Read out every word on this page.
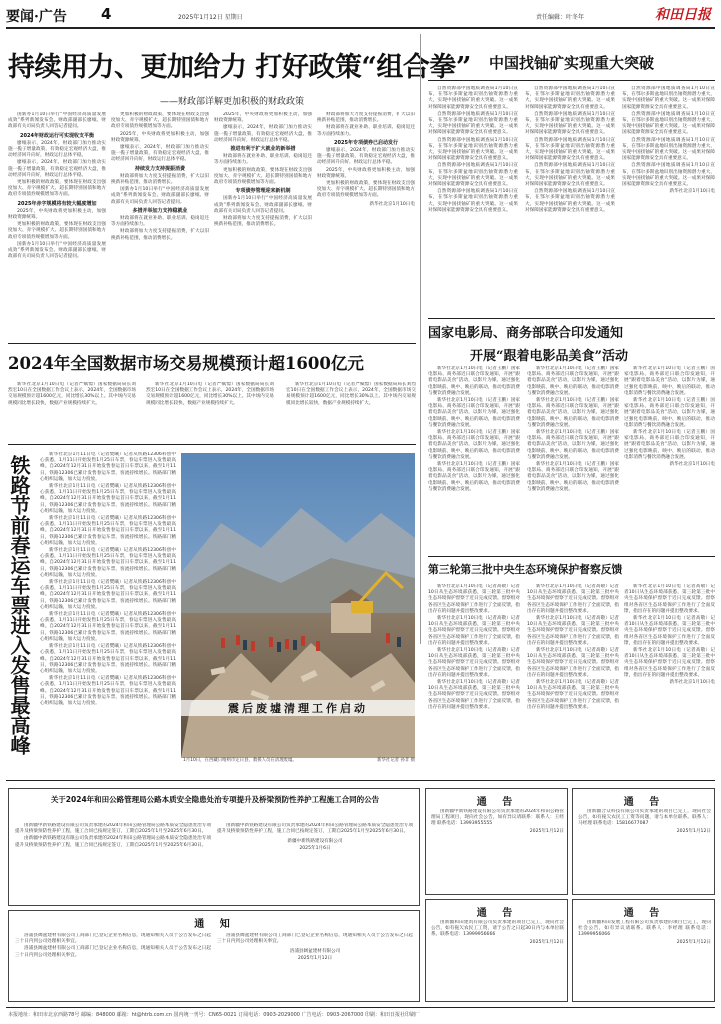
要闻·广告 4	2025年1月12日 星期日	责任编辑：叶冬年	和田日报
持续用力、更加给力 打好政策“组合拳”
——财政部详解更加积极的财政政策

国新办1月10日举行“中国经济高质量发展成效”系列新闻发布会。财政部副部长廖岷、财政部有关司局负责人回答记者提问。

2024年财政运行可实现收支平衡

廖岷表示，2024年，财政部门加力推动实施一揽子增量政策，有效稳定宏观经济大盘，推动经济回升向好，财政运行总体平稳。

廖岷表示，2024年，财政部门加力推动实施一揽子增量政策，有效稳定宏观经济大盘，推动经济回升向好，财政运行总体平稳。

更加积极的财政政策，要体现在财政支出强度加大、赤字规模扩大、超长期特别国债和地方政府专项债券规模增加等方面。

2025年赤字规模将有较大幅度增加

2025年，中央财政将更加积极主动，加强财政资源统筹。

更加积极的财政政策，要体现在财政支出强度加大、赤字规模扩大、超长期特别国债和地方政府专项债券规模增加等方面。

国新办1月10日举行“中国经济高质量发展成效”系列新闻发布会。财政部副部长廖岷、财政部有关司局负责人回答记者提问。

更加积极的财政政策，要体现在财政支出强度加大、赤字规模扩大、超长期特别国债和地方政府专项债券规模增加等方面。

2025年，中央财政将更加积极主动，加强财政资源统筹。

廖岷表示，2024年，财政部门加力推动实施一揽子增量政策，有效稳定宏观经济大盘，推动经济回升向好，财政运行总体平稳。

持续发力支持提振消费

财政部将加大力度支持提振消费，扩大以旧换新补贴范围，推动消费增长。

国新办1月10日举行“中国经济高质量发展成效”系列新闻发布会。财政部副部长廖岷、财政部有关司局负责人回答记者提问。

多措并举加力支持稳就业

财政部将在就业补助、职业培训、稳岗返还等方面持续加力。

财政部将加大力度支持提振消费，扩大以旧换新补贴范围，推动消费增长。

2025年，中央财政将更加积极主动，加强财政资源统筹。

廖岷表示，2024年，财政部门加力推动实施一揽子增量政策，有效稳定宏观经济大盘，推动经济回升向好，财政运行总体平稳。

推进有利于扩大就业的新举措

财政部将在就业补助、职业培训、稳岗返还等方面持续加力。

更加积极的财政政策，要体现在财政支出强度加大、赤字规模扩大、超长期特别国债和地方政府专项债券规模增加等方面。

专项债券管理迎来新机制

国新办1月10日举行“中国经济高质量发展成效”系列新闻发布会。财政部副部长廖岷、财政部有关司局负责人回答记者提问。

财政部将加大力度支持提振消费，扩大以旧换新补贴范围，推动消费增长。

财政部将加大力度支持提振消费，扩大以旧换新补贴范围，推动消费增长。

财政部将在就业补助、职业培训、稳岗返还等方面持续加力。

2025年专项债券已启动发行

廖岷表示，2024年，财政部门加力推动实施一揽子增量政策，有效稳定宏观经济大盘，推动经济回升向好，财政运行总体平稳。

2025年，中央财政将更加积极主动，加强财政资源统筹。

更加积极的财政政策，要体现在财政支出强度加大、赤字规模扩大、超长期特别国债和地方政府专项债券规模增加等方面。

新华社北京1月10日电
2024年全国数据市场交易规模预计超1600亿元

新华社北京1月10日电（记者严赋憬）国家数据局局长刘烈宏10日在全国数据工作会议上表示，2024年，全国数据市场交易规模预计超1600亿元，同比增长30%以上。其中场内交易规模同比增长较快，数据产业规模持续扩大。

新华社北京1月10日电（记者严赋憬）国家数据局局长刘烈宏10日在全国数据工作会议上表示，2024年，全国数据市场交易规模预计超1600亿元，同比增长30%以上。其中场内交易规模同比增长较快，数据产业规模持续扩大。

新华社北京1月10日电（记者严赋憬）国家数据局局长刘烈宏10日在全国数据工作会议上表示，2024年，全国数据市场交易规模预计超1600亿元，同比增长30%以上。其中场内交易规模同比增长较快，数据产业规模持续扩大。

铁路节前春运车票进入发售最高峰

新华社北京1月11日电（记者樊曦）记者从铁路12306科创中心获悉，1月11日开始发售1月25日车票，春运车票进入发售最高峰。自2024年12月31日开始发售春运首日车票以来，截至1月11日，铁路12306已累计发售春运车票，客流持续增长。铁路部门精心组织运输，加大运力投放。

新华社北京1月11日电（记者樊曦）记者从铁路12306科创中心获悉，1月11日开始发售1月25日车票，春运车票进入发售最高峰。自2024年12月31日开始发售春运首日车票以来，截至1月11日，铁路12306已累计发售春运车票，客流持续增长。铁路部门精心组织运输，加大运力投放。

新华社北京1月11日电（记者樊曦）记者从铁路12306科创中心获悉，1月11日开始发售1月25日车票，春运车票进入发售最高峰。自2024年12月31日开始发售春运首日车票以来，截至1月11日，铁路12306已累计发售春运车票，客流持续增长。铁路部门精心组织运输，加大运力投放。

新华社北京1月11日电（记者樊曦）记者从铁路12306科创中心获悉，1月11日开始发售1月25日车票，春运车票进入发售最高峰。自2024年12月31日开始发售春运首日车票以来，截至1月11日，铁路12306已累计发售春运车票，客流持续增长。铁路部门精心组织运输，加大运力投放。

新华社北京1月11日电（记者樊曦）记者从铁路12306科创中心获悉，1月11日开始发售1月25日车票，春运车票进入发售最高峰。自2024年12月31日开始发售春运首日车票以来，截至1月11日，铁路12306已累计发售春运车票，客流持续增长。铁路部门精心组织运输，加大运力投放。

新华社北京1月11日电（记者樊曦）记者从铁路12306科创中心获悉，1月11日开始发售1月25日车票，春运车票进入发售最高峰。自2024年12月31日开始发售春运首日车票以来，截至1月11日，铁路12306已累计发售春运车票，客流持续增长。铁路部门精心组织运输，加大运力投放。

新华社北京1月11日电（记者樊曦）记者从铁路12306科创中心获悉，1月11日开始发售1月25日车票，春运车票进入发售最高峰。自2024年12月31日开始发售春运首日车票以来，截至1月11日，铁路12306已累计发售春运车票，客流持续增长。铁路部门精心组织运输，加大运力投放。

新华社北京1月11日电（记者樊曦）记者从铁路12306科创中心获悉，1月11日开始发售1月25日车票，春运车票进入发售最高峰。自2024年12月31日开始发售春运首日车票以来，截至1月11日，铁路12306已累计发售春运车票，客流持续增长。铁路部门精心组织运输，加大运力投放。	震后废墟清理工作启动
1月10日，在西藏日喀则市定日县，救援人员在清理废墟。	新华社记者 孙非 摄
中国找铀矿实现重大突破

自然资源部中国地质调查局1月10日宣布，在鄂尔多斯盆地识别出铀资源潜力重大，实现中国找铀矿的重大突破。这一成果对保障国家能源资源安全具有重要意义。

自然资源部中国地质调查局1月10日宣布，在鄂尔多斯盆地识别出铀资源潜力重大，实现中国找铀矿的重大突破。这一成果对保障国家能源资源安全具有重要意义。

自然资源部中国地质调查局1月10日宣布，在鄂尔多斯盆地识别出铀资源潜力重大，实现中国找铀矿的重大突破。这一成果对保障国家能源资源安全具有重要意义。

自然资源部中国地质调查局1月10日宣布，在鄂尔多斯盆地识别出铀资源潜力重大，实现中国找铀矿的重大突破。这一成果对保障国家能源资源安全具有重要意义。

自然资源部中国地质调查局1月10日宣布，在鄂尔多斯盆地识别出铀资源潜力重大，实现中国找铀矿的重大突破。这一成果对保障国家能源资源安全具有重要意义。

自然资源部中国地质调查局1月10日宣布，在鄂尔多斯盆地识别出铀资源潜力重大，实现中国找铀矿的重大突破。这一成果对保障国家能源资源安全具有重要意义。

自然资源部中国地质调查局1月10日宣布，在鄂尔多斯盆地识别出铀资源潜力重大，实现中国找铀矿的重大突破。这一成果对保障国家能源资源安全具有重要意义。

自然资源部中国地质调查局1月10日宣布，在鄂尔多斯盆地识别出铀资源潜力重大，实现中国找铀矿的重大突破。这一成果对保障国家能源资源安全具有重要意义。

自然资源部中国地质调查局1月10日宣布，在鄂尔多斯盆地识别出铀资源潜力重大，实现中国找铀矿的重大突破。这一成果对保障国家能源资源安全具有重要意义。

自然资源部中国地质调查局1月10日宣布，在鄂尔多斯盆地识别出铀资源潜力重大，实现中国找铀矿的重大突破。这一成果对保障国家能源资源安全具有重要意义。

自然资源部中国地质调查局1月10日宣布，在鄂尔多斯盆地识别出铀资源潜力重大，实现中国找铀矿的重大突破。这一成果对保障国家能源资源安全具有重要意义。

自然资源部中国地质调查局1月10日宣布，在鄂尔多斯盆地识别出铀资源潜力重大，实现中国找铀矿的重大突破。这一成果对保障国家能源资源安全具有重要意义。

自然资源部中国地质调查局1月10日宣布，在鄂尔多斯盆地识别出铀资源潜力重大，实现中国找铀矿的重大突破。这一成果对保障国家能源资源安全具有重要意义。

自然资源部中国地质调查局1月10日宣布，在鄂尔多斯盆地识别出铀资源潜力重大，实现中国找铀矿的重大突破。这一成果对保障国家能源资源安全具有重要意义。

新华社北京1月10日电
国家电影局、商务部联合印发通知
开展“跟着电影品美食”活动

新华社北京1月10日电（记者王鹏）国家电影局、商务部近日联合印发通知，开展“跟着电影品美食”活动，以影片为媒，通过强化电影映前、映中、映后的联动，推动电影消费与餐饮消费融合发展。

新华社北京1月10日电（记者王鹏）国家电影局、商务部近日联合印发通知，开展“跟着电影品美食”活动，以影片为媒，通过强化电影映前、映中、映后的联动，推动电影消费与餐饮消费融合发展。

新华社北京1月10日电（记者王鹏）国家电影局、商务部近日联合印发通知，开展“跟着电影品美食”活动，以影片为媒，通过强化电影映前、映中、映后的联动，推动电影消费与餐饮消费融合发展。

新华社北京1月10日电（记者王鹏）国家电影局、商务部近日联合印发通知，开展“跟着电影品美食”活动，以影片为媒，通过强化电影映前、映中、映后的联动，推动电影消费与餐饮消费融合发展。

新华社北京1月10日电（记者王鹏）国家电影局、商务部近日联合印发通知，开展“跟着电影品美食”活动，以影片为媒，通过强化电影映前、映中、映后的联动，推动电影消费与餐饮消费融合发展。

新华社北京1月10日电（记者王鹏）国家电影局、商务部近日联合印发通知，开展“跟着电影品美食”活动，以影片为媒，通过强化电影映前、映中、映后的联动，推动电影消费与餐饮消费融合发展。

新华社北京1月10日电（记者王鹏）国家电影局、商务部近日联合印发通知，开展“跟着电影品美食”活动，以影片为媒，通过强化电影映前、映中、映后的联动，推动电影消费与餐饮消费融合发展。

新华社北京1月10日电（记者王鹏）国家电影局、商务部近日联合印发通知，开展“跟着电影品美食”活动，以影片为媒，通过强化电影映前、映中、映后的联动，推动电影消费与餐饮消费融合发展。

新华社北京1月10日电（记者王鹏）国家电影局、商务部近日联合印发通知，开展“跟着电影品美食”活动，以影片为媒，通过强化电影映前、映中、映后的联动，推动电影消费与餐饮消费融合发展。

新华社北京1月10日电（记者王鹏）国家电影局、商务部近日联合印发通知，开展“跟着电影品美食”活动，以影片为媒，通过强化电影映前、映中、映后的联动，推动电影消费与餐饮消费融合发展。

新华社北京1月10日电（记者王鹏）国家电影局、商务部近日联合印发通知，开展“跟着电影品美食”活动，以影片为媒，通过强化电影映前、映中、映后的联动，推动电影消费与餐饮消费融合发展。

新华社北京1月10日电
第三轮第三批中央生态环境保护督察反馈

新华社北京1月10日电（记者高敬）记者10日从生态环境部获悉，第三轮第三批中央生态环境保护督察于近日完成反馈。督察组对各省区生态环境保护工作进行了全面反馈，指出存在的问题并提出整改要求。

新华社北京1月10日电（记者高敬）记者10日从生态环境部获悉，第三轮第三批中央生态环境保护督察于近日完成反馈。督察组对各省区生态环境保护工作进行了全面反馈，指出存在的问题并提出整改要求。

新华社北京1月10日电（记者高敬）记者10日从生态环境部获悉，第三轮第三批中央生态环境保护督察于近日完成反馈。督察组对各省区生态环境保护工作进行了全面反馈，指出存在的问题并提出整改要求。

新华社北京1月10日电（记者高敬）记者10日从生态环境部获悉，第三轮第三批中央生态环境保护督察于近日完成反馈。督察组对各省区生态环境保护工作进行了全面反馈，指出存在的问题并提出整改要求。

新华社北京1月10日电（记者高敬）记者10日从生态环境部获悉，第三轮第三批中央生态环境保护督察于近日完成反馈。督察组对各省区生态环境保护工作进行了全面反馈，指出存在的问题并提出整改要求。

新华社北京1月10日电（记者高敬）记者10日从生态环境部获悉，第三轮第三批中央生态环境保护督察于近日完成反馈。督察组对各省区生态环境保护工作进行了全面反馈，指出存在的问题并提出整改要求。

新华社北京1月10日电（记者高敬）记者10日从生态环境部获悉，第三轮第三批中央生态环境保护督察于近日完成反馈。督察组对各省区生态环境保护工作进行了全面反馈，指出存在的问题并提出整改要求。

新华社北京1月10日电（记者高敬）记者10日从生态环境部获悉，第三轮第三批中央生态环境保护督察于近日完成反馈。督察组对各省区生态环境保护工作进行了全面反馈，指出存在的问题并提出整改要求。

新华社北京1月10日电（记者高敬）记者10日从生态环境部获悉，第三轮第三批中央生态环境保护督察于近日完成反馈。督察组对各省区生态环境保护工作进行了全面反馈，指出存在的问题并提出整改要求。

新华社北京1月10日电（记者高敬）记者10日从生态环境部获悉，第三轮第三批中央生态环境保护督察于近日完成反馈。督察组对各省区生态环境保护工作进行了全面反馈，指出存在的问题并提出整改要求。

新华社北京1月10日电（记者高敬）记者10日从生态环境部获悉，第三轮第三批中央生态环境保护督察于近日完成反馈。督察组对各省区生态环境保护工作进行了全面反馈，指出存在的问题并提出整改要求。

新华社北京1月10日电
关于2024年和田公路管理局公路本质安全隐患处治专项提升及桥梁预防性养护工程施工合同的公告

由新疆中新铁路建设有限公司负责承建的2024年和田公路管理局公路本质安全隐患处治专项提升及桥梁预防性养护工程，施工合同已按规定签订，工期自2025年1月至2025年6月30日。

由新疆中新铁路建设有限公司负责承建的2024年和田公路管理局公路本质安全隐患处治专项提升及桥梁预防性养护工程，施工合同已按规定签订，工期自2025年1月至2025年6月30日。

由新疆中新铁路建设有限公司负责承建的2024年和田公路管理局公路本质安全隐患处治专项提升及桥梁预防性养护工程，施工合同已按规定签订，工期自2025年1月至2025年6月30日。

新疆中新铁路建设有限公司
2025年1月6日
通 知

洛浦县阔盆建材有限公司工商部门已登记企业名称信息，现通知相关人员于公告发布之日起三十日内到公司处理相关事宜。

洛浦县阔盆建材有限公司工商部门已登记企业名称信息，现通知相关人员于公告发布之日起三十日内到公司处理相关事宜。

洛浦县阔盆建材有限公司工商部门已登记企业名称信息，现通知相关人员于公告发布之日起三十日内到公司处理相关事宜。

洛浦县阔盆建材有限公司
2025年1月12日
通 告

由新疆中新铁路建设有限公司负责承建的2024年和田公路管理局工程项目，现向社会公告，如有异议请联系：联系人：王经理 联系电话：13993955555

2025年1月12日
通 告

由新疆合众科技有限公司负责承建的项目已完工，现向社会公告，如有拖欠农民工工资等问题，请与本单位联系。联系人：马经理 联系电话：15816677087

2025年1月12日
通 告

由新疆和田建筑有限公司负责承建的项目已完工，现向社会公告，如有拖欠农民工工资，请于公告之日起30日内与本单位联系。联系电话：13999956666

2025年1月12日
通 告

由新疆和田发展工程有限公司负责承建的项目已完工，现向社会公告，如有异议请联系。联系人：李经理 联系电话：13999956066

2025年1月12日
本报地址：和田市北京西路78号 邮编：848000 邮箱：ht@htrb.com.cn 国内统一刊号：CN65-0021 订阅电话：0903-2029000 广告电话：0903-2067000 印刷：和田日报社印刷厂
